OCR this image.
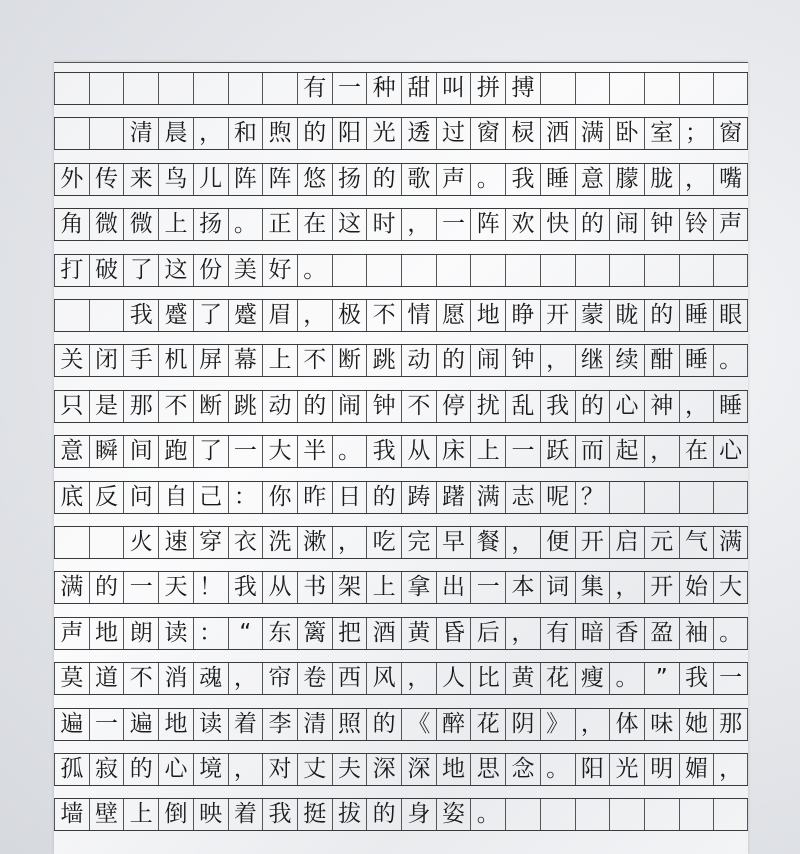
有 一 种 甜 叫 拼 搏
清 晨 ， 和 煦 的 阳 光 透 过 窗 棂 洒 满 卧 室 ； 窗
外 传 来 鸟 儿 阵 阵 悠 扬 的 歌 声 。 我 睡 意 朦 胧 ， 嘴
角 微 微 上 扬 。 正 在 这 时 ， 一 阵 欢 快 的 闹 钟 铃 声
打 破 了 这 份 美 好 。
我 蹙 了 蹙 眉 ， 极 不 情 愿 地 睁 开 蒙 眬 的 睡 眼
关 闭 手 机 屏 幕 上 不 断 跳 动 的 闹 钟 ， 继 续 酣 睡 。
只 是 那 不 断 跳 动 的 闹 钟 不 停 扰 乱 我 的 心 神 ， 睡
意 瞬 间 跑 了 一 大 半 。 我 从 床 上 一 跃 而 起 ， 在 心
底 反 问 自 己 ： 你 昨 日 的 踌 躇 满 志 呢 ？
火 速 穿 衣 洗 漱 ， 吃 完 早 餐 ， 便 开 启 元 气 满
满 的 一 天 ！ 我 从 书 架 上 拿 出 一 本 词 集 ， 开 始 大
声 地 朗 读 ： “ 东 篱 把 酒 黄 昏 后 ， 有 暗 香 盈 袖 。
莫 道 不 消 魂 ， 帘 卷 西 风 ， 人 比 黄 花 瘦 。 ” 我 一
遍 一 遍 地 读 着 李 清 照 的 《 醉 花 阴 》 ， 体 味 她 那
孤 寂 的 心 境 ， 对 丈 夫 深 深 地 思 念 。 阳 光 明 媚 ，
墙 壁 上 倒 映 着 我 挺 拔 的 身 姿 。
